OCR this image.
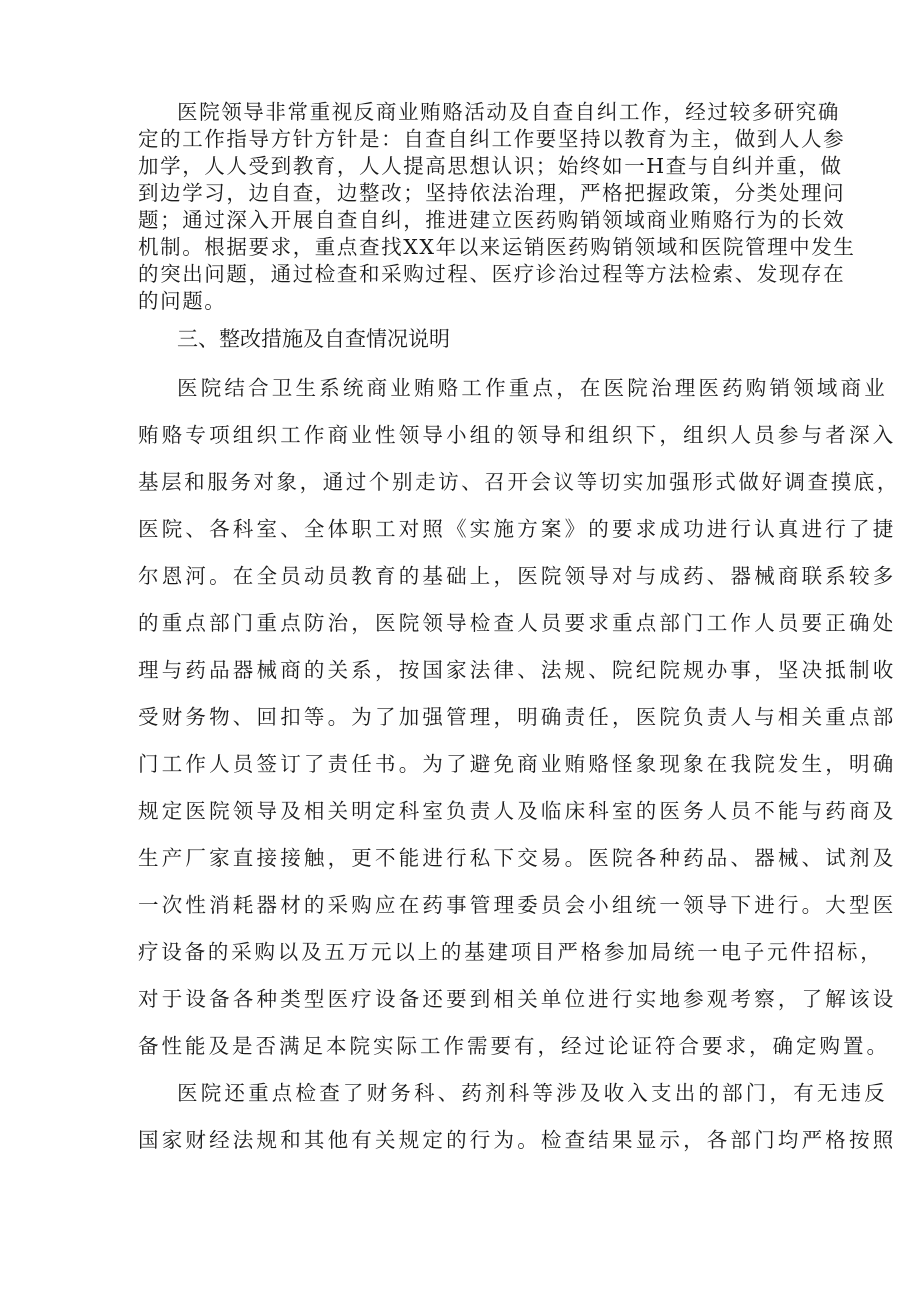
医院领导非常重视反商业贿赂活动及自查自纠工作，经过较多研究确
定的工作指导方针方针是：自查自纠工作要坚持以教育为主，做到人人参
加学，人人受到教育，人人提高思想认识；始终如一H查与自纠并重，做
到边学习，边自查，边整改；坚持依法治理，严格把握政策，分类处理问
题；通过深入开展自查自纠，推进建立医药购销领域商业贿赂行为的长效
机制。根据要求，重点查找XX年以来运销医药购销领域和医院管理中发生
的突出问题，通过检查和采购过程、医疗诊治过程等方法检索、发现存在
的问题。
三、整改措施及自查情况说明
医院结合卫生系统商业贿赂工作重点，在医院治理医药购销领域商业
贿赂专项组织工作商业性领导小组的领导和组织下，组织人员参与者深入
基层和服务对象，通过个别走访、召开会议等切实加强形式做好调查摸底，
医院、各科室、全体职工对照《实施方案》的要求成功进行认真进行了捷
尔恩河。在全员动员教育的基础上，医院领导对与成药、器械商联系较多
的重点部门重点防治，医院领导检查人员要求重点部门工作人员要正确处
理与药品器械商的关系，按国家法律、法规、院纪院规办事，坚决抵制收
受财务物、回扣等。为了加强管理，明确责任，医院负责人与相关重点部
门工作人员签订了责任书。为了避免商业贿赂怪象现象在我院发生，明确
规定医院领导及相关明定科室负责人及临床科室的医务人员不能与药商及
生产厂家直接接触，更不能进行私下交易。医院各种药品、器械、试剂及
一次性消耗器材的采购应在药事管理委员会小组统一领导下进行。大型医
疗设备的采购以及五万元以上的基建项目严格参加局统一电子元件招标，
对于设备各种类型医疗设备还要到相关单位进行实地参观考察，了解该设
备性能及是否满足本院实际工作需要有，经过论证符合要求，确定购置。
医院还重点检查了财务科、药剂科等涉及收入支出的部门，有无违反
国家财经法规和其他有关规定的行为。检查结果显示，各部门均严格按照
